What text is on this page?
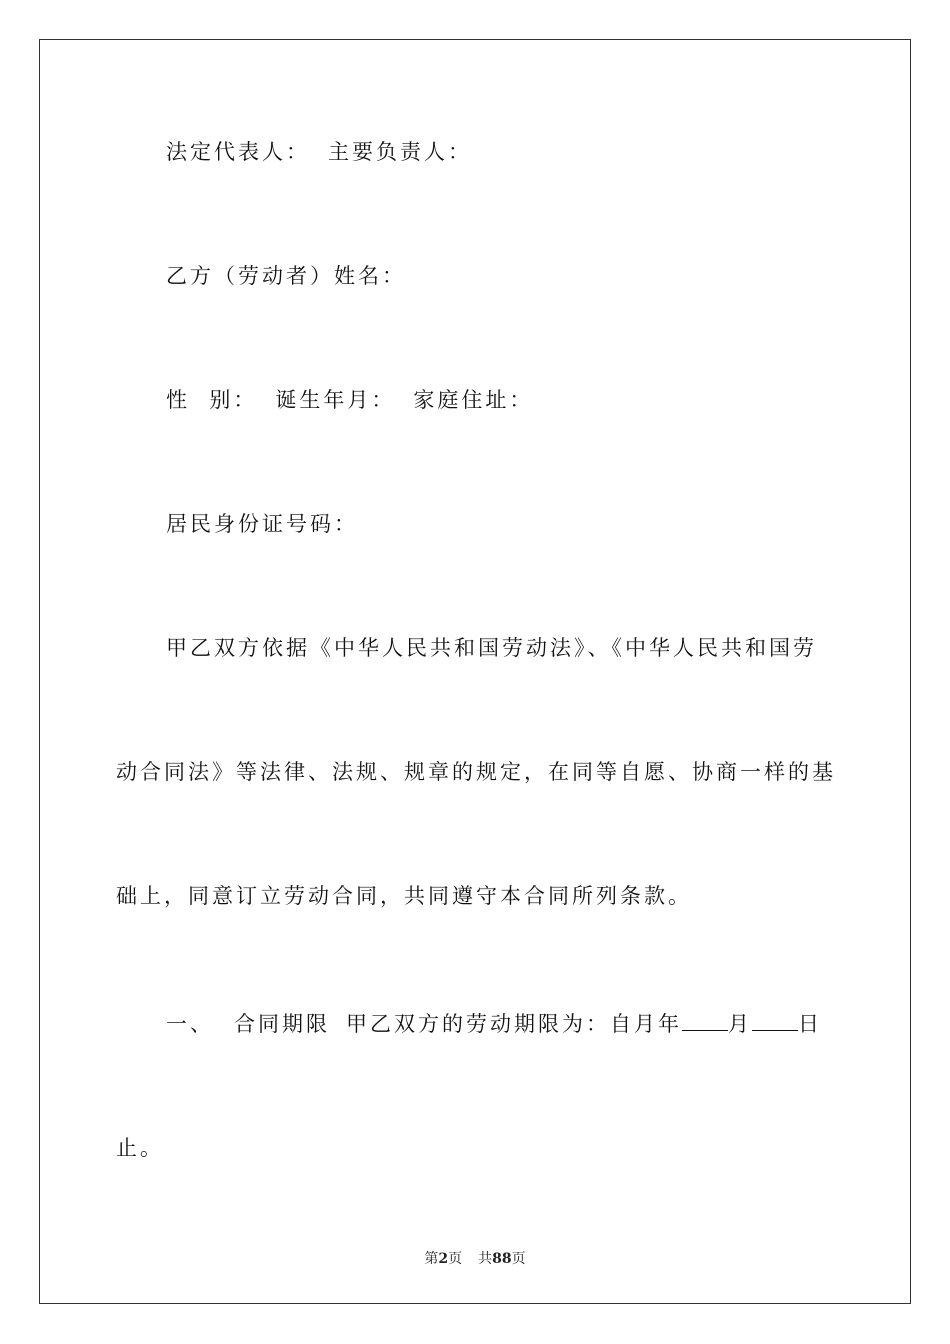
法定代表人： 主要负责人：
乙方（劳动者）姓名：
性  别： 诞生年月： 家庭住址：
居民身份证号码：
甲乙双方依据《中华人民共和国劳动法》、《中华人民共和国劳
动合同法》等法律、法规、规章的规定，在同等自愿、协商一样的基
础上，同意订立劳动合同，共同遵守本合同所列条款。
一、 合同期限 甲乙双方的劳动期限为：自月年 月 日
止。
第2页 共88页
